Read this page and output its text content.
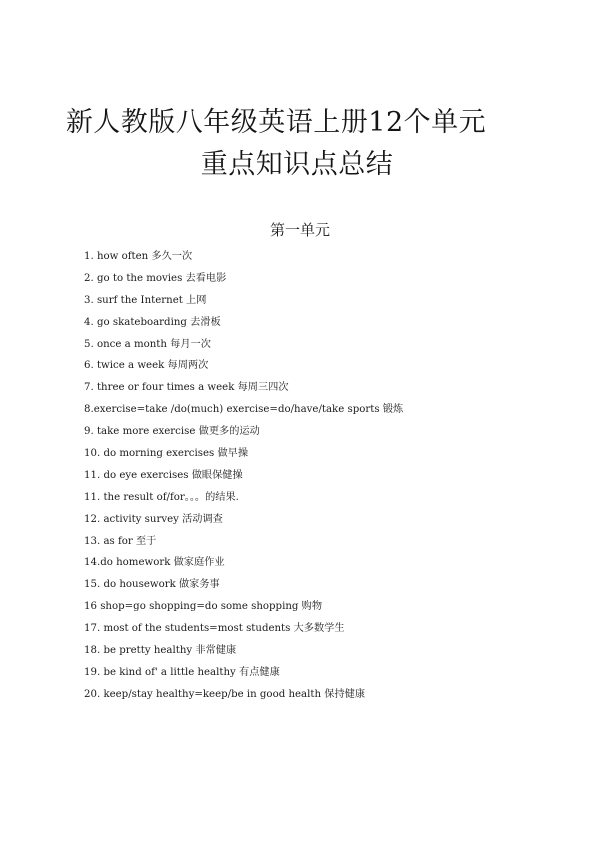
新人教版八年级英语上册12个单元
重点知识点总结
第一单元
1. how often 多久一次
2. go to the movies 去看电影
3. surf the Internet 上网
4. go skateboarding 去滑板
5. once a month 每月一次
6. twice a week 每周两次
7. three or four times a week 每周三四次
8.exercise=take /do(much) exercise=do/have/take sports 锻炼
9. take more exercise 做更多的运动
10. do morning exercises 做早操
11. do eye exercises 做眼保健操
11. the result of/for。。。的结果.
12. activity survey 活动调查
13. as for 至于
14.do homework 做家庭作业
15. do housework 做家务事
16 shop=go shopping=do some shopping 购物
17. most of the students=most students 大多数学生
18. be pretty healthy 非常健康
19. be kind of' a little healthy 有点健康
20. keep/stay healthy=keep/be in good health 保持健康
